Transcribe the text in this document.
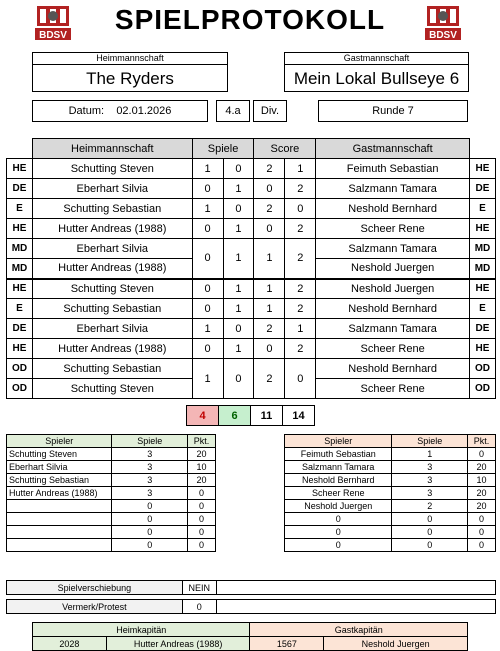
BDSV
SPIELPROTOKOLL
BDSV
Heimmannschaft
The Ryders
Gastmannschaft
Mein Lokal Bullseye 6
Datum: 02.01.2026	4.a	Div.	Runde 7
	Heimmannschaft	Spiele		Score		Gastmannschaft	
HE	Schutting Steven	1	0	2	1	Feimuth Sebastian	HE
DE	Eberhart Silvia	0	1	0	2	Salzmann Tamara	DE
E	Schutting Sebastian	1	0	2	0	Neshold Bernhard	E
HE	Hutter Andreas (1988)	0	1	0	2	Scheer Rene	HE
MD	Eberhart Silvia	0	1	1	2	Salzmann Tamara	MD
MD	Hutter Andreas (1988)					Neshold Juergen	MD
HE	Schutting Steven	0	1	1	2	Neshold Juergen	HE
E	Schutting Sebastian	0	1	1	2	Neshold Bernhard	E
DE	Eberhart Silvia	1	0	2	1	Salzmann Tamara	DE
HE	Hutter Andreas (1988)	0	1	0	2	Scheer Rene	HE
OD	Schutting Sebastian	1	0	2	0	Neshold Bernhard	OD
OD	Schutting Steven					Scheer Rene	OD
4	6	11	14
Spieler	Spiele	Pkt.
Schutting Steven	3	20
Eberhart Silvia	3	10
Schutting Sebastian	3	20
Hutter Andreas (1988)	3	0
	0	0
	0	0
	0	0
	0	0
Spieler	Spiele	Pkt.
Feimuth Sebastian	1	0
Salzmann Tamara	3	20
Neshold Bernhard	3	10
Scheer Rene	3	20
Neshold Juergen	2	20
0	0	0
0	0	0
0	0	0
Spielverschiebung	NEIN	
Vermerk/Protest	0	
Heimkapitän		Gastkapitän	
2028	Hutter Andreas (1988)	1567	Neshold Juergen
